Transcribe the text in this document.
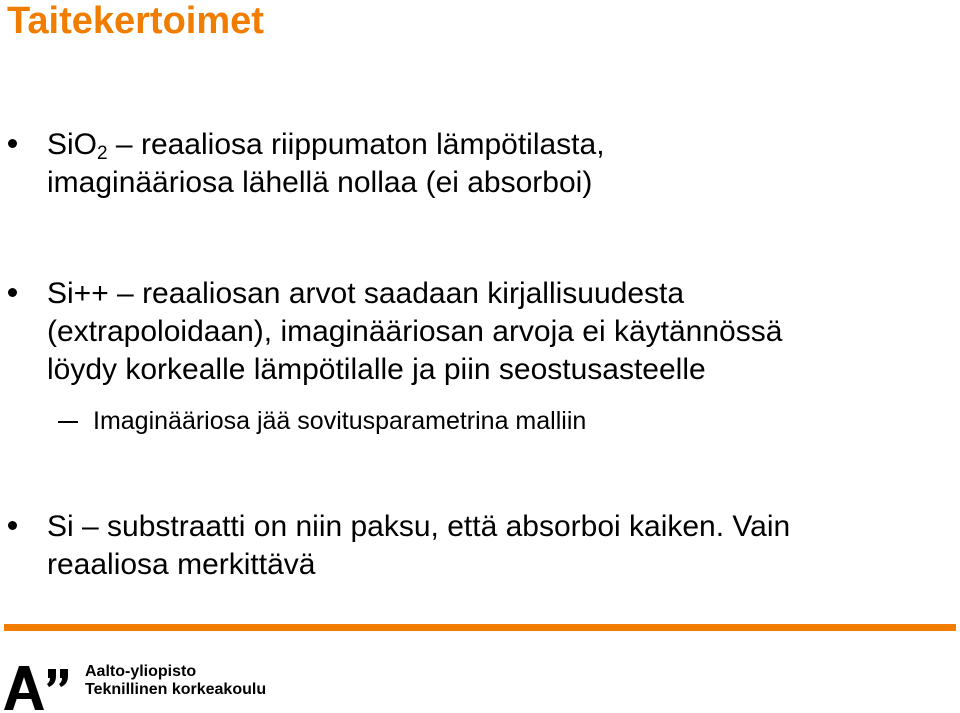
Taitekertoimet
SiO$_2$ – reaaliosa riippumaton lämpötilasta,
imaginääriosa lähellä nollaa (ei absorboi)
Si++ – reaaliosan arvot saadaan kirjallisuudesta
(extrapoloidaan), imaginääriosan arvoja ei käytännössä
löydy korkealle lämpötilalle ja piin seostusasteelle
Imaginääriosa jää sovitusparametrina malliin
Si – substraatti on niin paksu, että absorboi kaiken. Vain
reaaliosa merkittävä
Aalto-yliopisto
Teknillinen korkeakoulu
